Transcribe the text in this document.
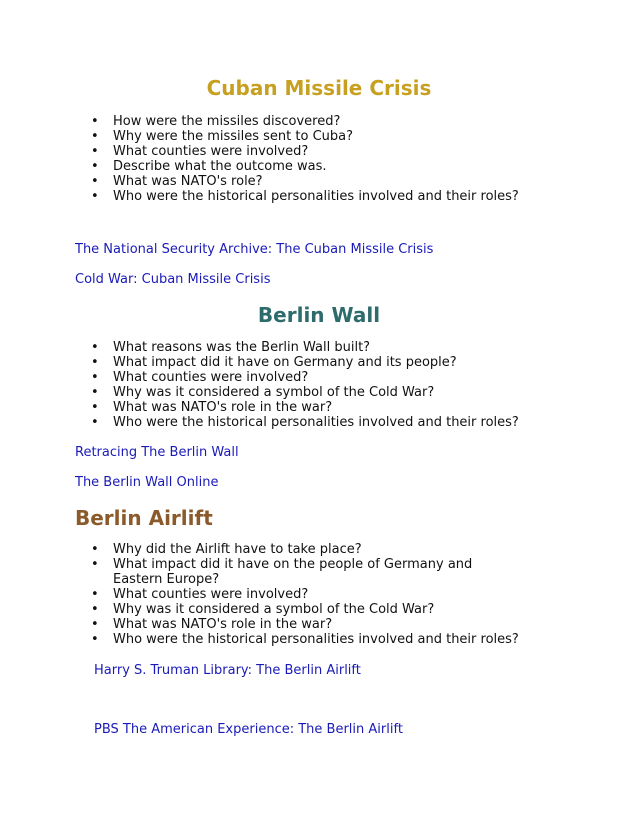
Cuban Missile Crisis
• How were the missiles discovered?
• Why were the missiles sent to Cuba?
• What counties were involved?
• Describe what the outcome was.
• What was NATO's role?
• Who were the historical personalities involved and their roles?
The National Security Archive: The Cuban Missile Crisis
Cold War: Cuban Missile Crisis
Berlin Wall
• What reasons was the Berlin Wall built?
• What impact did it have on Germany and its people?
• What counties were involved?
• Why was it considered a symbol of the Cold War?
• What was NATO's role in the war?
• Who were the historical personalities involved and their roles?
Retracing The Berlin Wall
The Berlin Wall Online
Berlin Airlift
• Why did the Airlift have to take place?
• What impact did it have on the people of Germany and Eastern Europe?
• What counties were involved?
• Why was it considered a symbol of the Cold War?
• What was NATO's role in the war?
• Who were the historical personalities involved and their roles?
Harry S. Truman Library: The Berlin Airlift
PBS The American Experience: The Berlin Airlift
